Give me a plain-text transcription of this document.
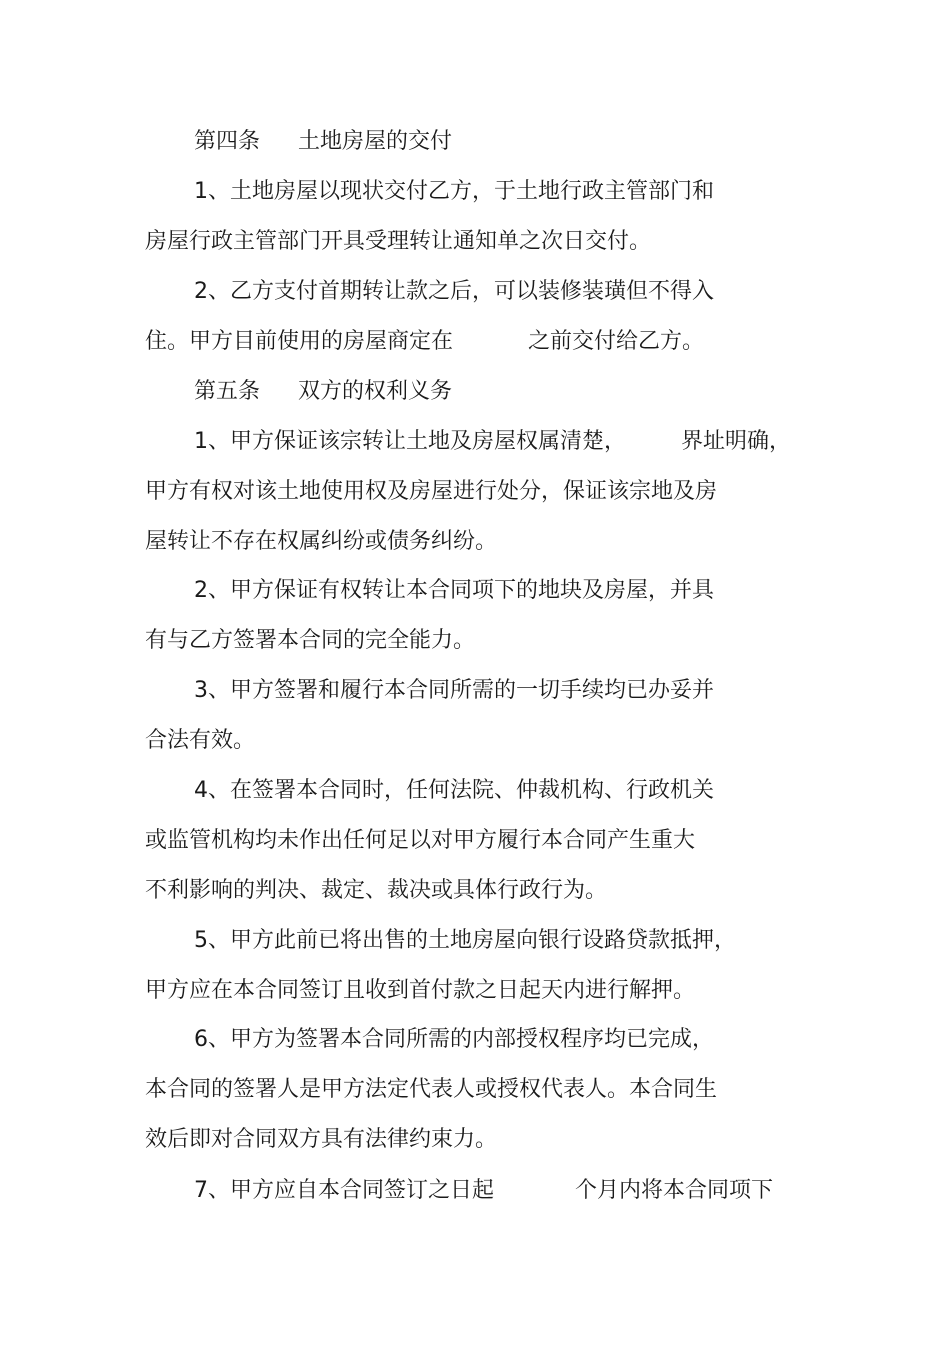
第四条 土地房屋的交付
1、土地房屋以现状交付乙方，于土地行政主管部门和
房屋行政主管部门开具受理转让通知单之次日交付。
2、乙方支付首期转让款之后，可以装修装璜但不得入
住。甲方目前使用的房屋商定在	之前交付给乙方。
第五条 双方的权利义务
1、甲方保证该宗转让土地及房屋权属清楚，	界址明确，
甲方有权对该土地使用权及房屋进行处分，保证该宗地及房
屋转让不存在权属纠纷或债务纠纷。
2、甲方保证有权转让本合同项下的地块及房屋，并具
有与乙方签署本合同的完全能力。
3、甲方签署和履行本合同所需的一切手续均已办妥并
合法有效。
4、在签署本合同时，任何法院、仲裁机构、行政机关
或监管机构均未作出任何足以对甲方履行本合同产生重大
不利影响的判决、裁定、裁决或具体行政行为。
5、甲方此前已将出售的土地房屋向银行设路贷款抵押，
甲方应在本合同签订且收到首付款之日起天内进行解押。
6、甲方为签署本合同所需的内部授权程序均已完成，
本合同的签署人是甲方法定代表人或授权代表人。本合同生
效后即对合同双方具有法律约束力。
7、甲方应自本合同签订之日起	个月内将本合同项下
